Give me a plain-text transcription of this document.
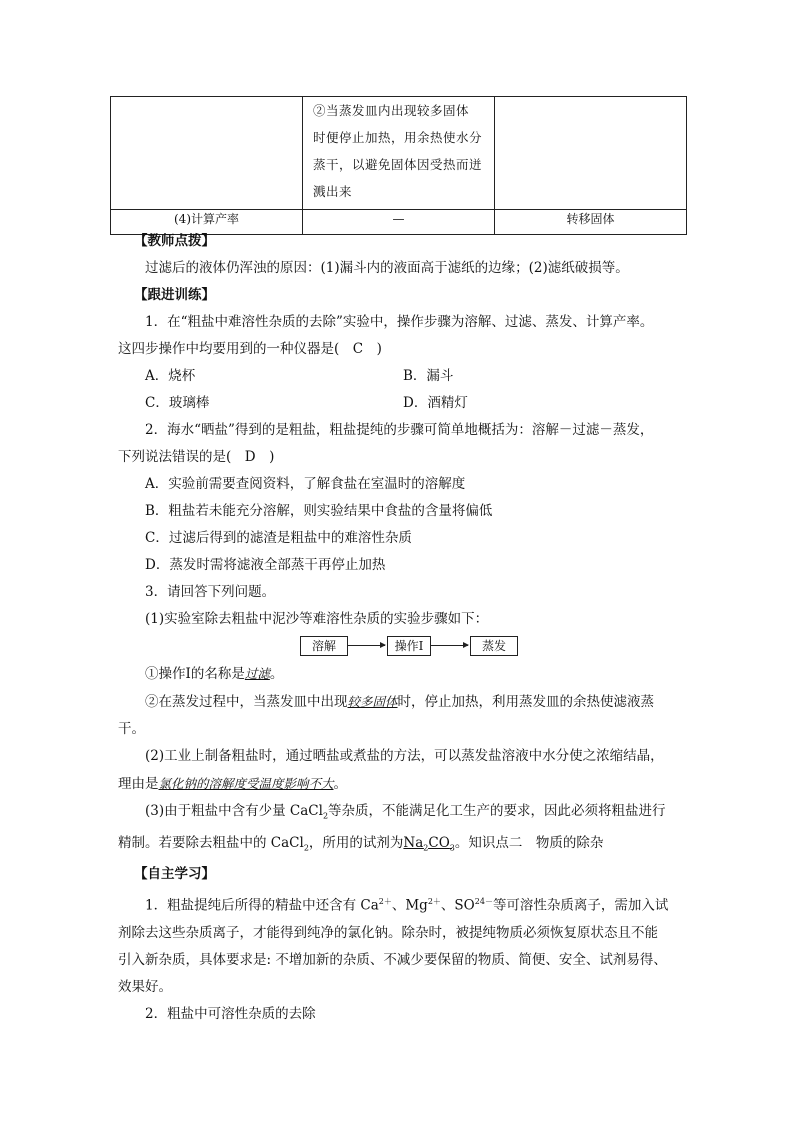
	②当蒸发皿内出现较多固体
时便停止加热，用余热使水分
蒸干，以避免固体因受热而迸
溅出来	

(4)计算产率	—	转移固体

【教师点拨】

过滤后的液体仍浑浊的原因：(1)漏斗内的液面高于滤纸的边缘；(2)滤纸破损等。

【跟进训练】

1．在“粗盐中难溶性杂质的去除”实验中，操作步骤为溶解、过滤、蒸发、计算产率。

这四步操作中均要用到的一种仪器是(　C　)

A．烧杯	B．漏斗
C．玻璃棒	D．酒精灯

2．海水“晒盐”得到的是粗盐，粗盐提纯的步骤可简单地概括为：溶解－过滤－蒸发，

下列说法错误的是(　D　)

A．实验前需要查阅资料，了解食盐在室温时的溶解度

B．粗盐若未能充分溶解，则实验结果中食盐的含量将偏低

C．过滤后得到的滤渣是粗盐中的难溶性杂质

D．蒸发时需将滤液全部蒸干再停止加热

3．请回答下列问题。

(1)实验室除去粗盐中泥沙等难溶性杂质的实验步骤如下：

溶解	操作Ⅰ	蒸发

①操作Ⅰ的名称是过滤。

②在蒸发过程中，当蒸发皿中出现较多固体时，停止加热，利用蒸发皿的余热使滤液蒸

干。

(2)工业上制备粗盐时，通过晒盐或煮盐的方法，可以蒸发盐溶液中水分使之浓缩结晶，

理由是氯化钠的溶解度受温度影响不大。

(3)由于粗盐中含有少量 CaCl$_2$等杂质，不能满足化工生产的要求，因此必须将粗盐进行

精制。若要除去粗盐中的 CaCl$_2$，所用的试剂为$Na_2CO_3$。知识点二　物质的除杂

【自主学习】

1．粗盐提纯后所得的精盐中还含有 $Ca^{2+}$、$Mg^{2+}$、$SO^{24-}$等可溶性杂质离子，需加入试

剂除去这些杂质离子，才能得到纯净的氯化钠。除杂时，被提纯物质必须恢复原状态且不能

引入新杂质，具体要求是: 不增加新的杂质、不减少要保留的物质、简便、安全、试剂易得、

效果好。

2．粗盐中可溶性杂质的去除
